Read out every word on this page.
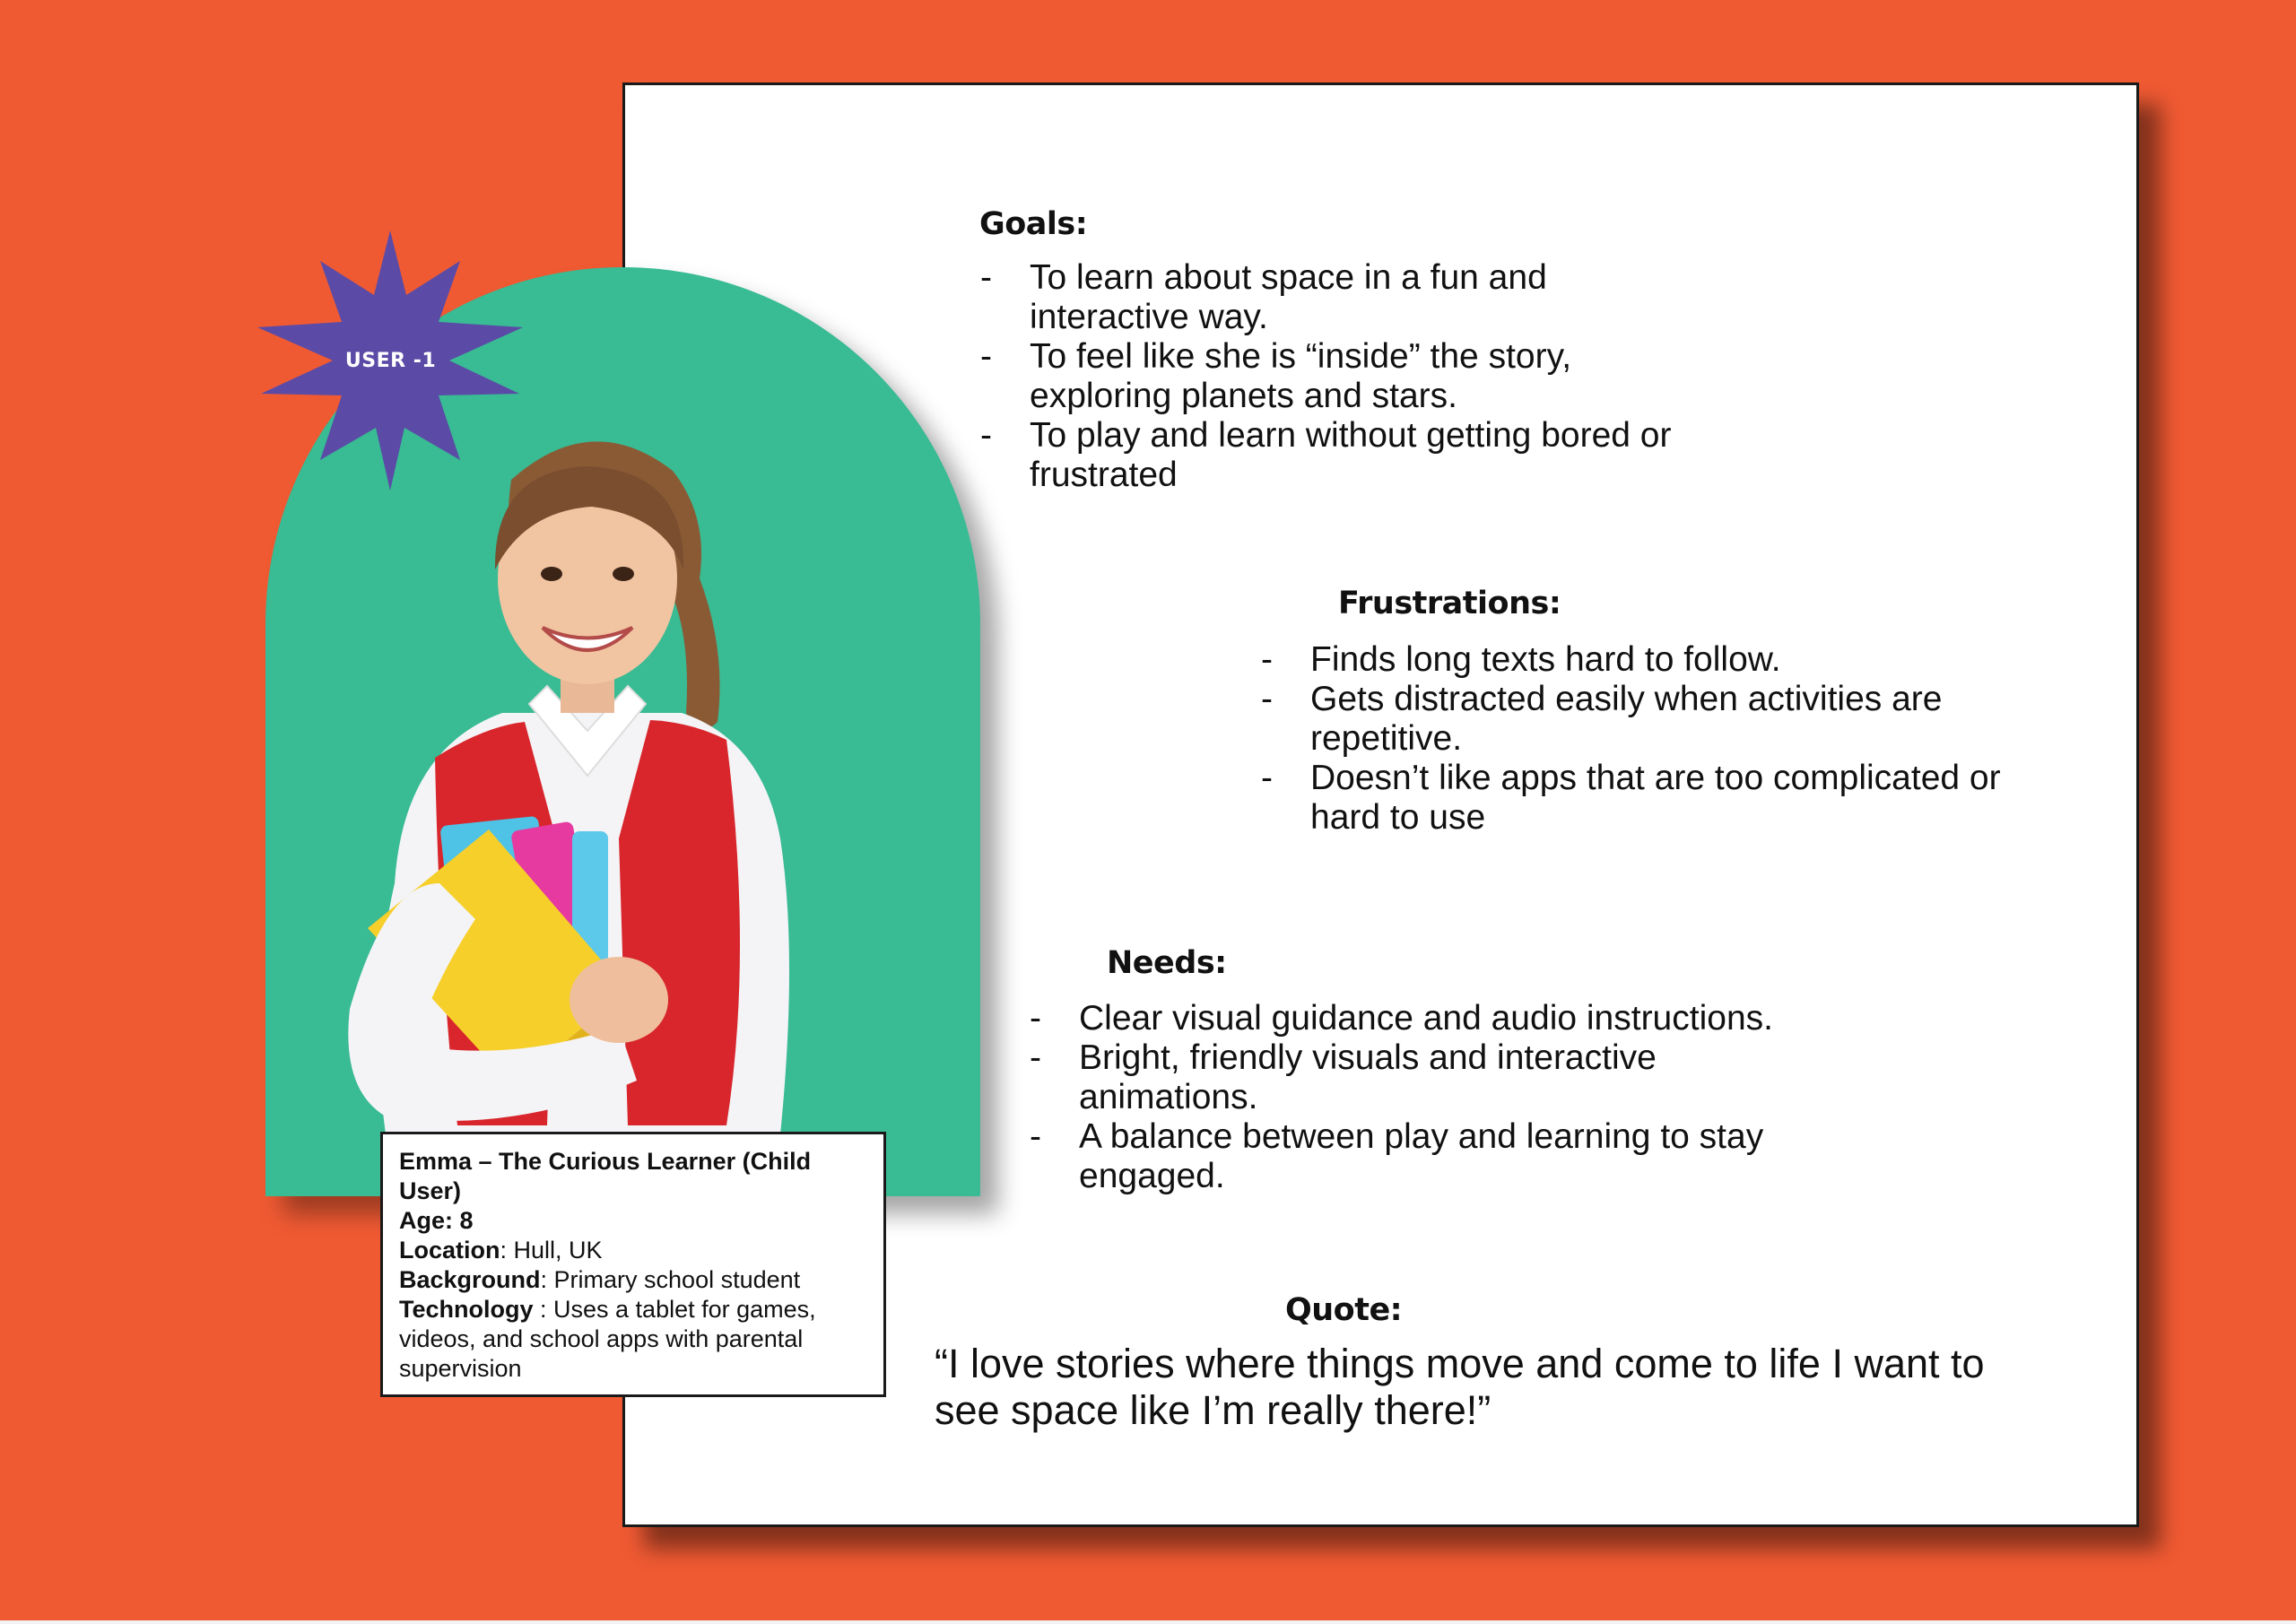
USER -1
Emma – The Curious Learner (Child User)
Age: 8
Location: Hull, UK
Background: Primary school student
Technology : Uses a tablet for games, videos, and school apps with parental supervision
Goals:
- To learn about space in a fun and interactive way.
- To feel like she is “inside” the story, exploring planets and stars.
- To play and learn without getting bored or frustrated
Frustrations:
- Finds long texts hard to follow.
- Gets distracted easily when activities are repetitive.
- Doesn’t like apps that are too complicated or hard to use
Needs:
- Clear visual guidance and audio instructions.
- Bright, friendly visuals and interactive animations.
- A balance between play and learning to stay engaged.
Quote:
“I love stories where things move and come to life I want to see space like I’m really there!”
